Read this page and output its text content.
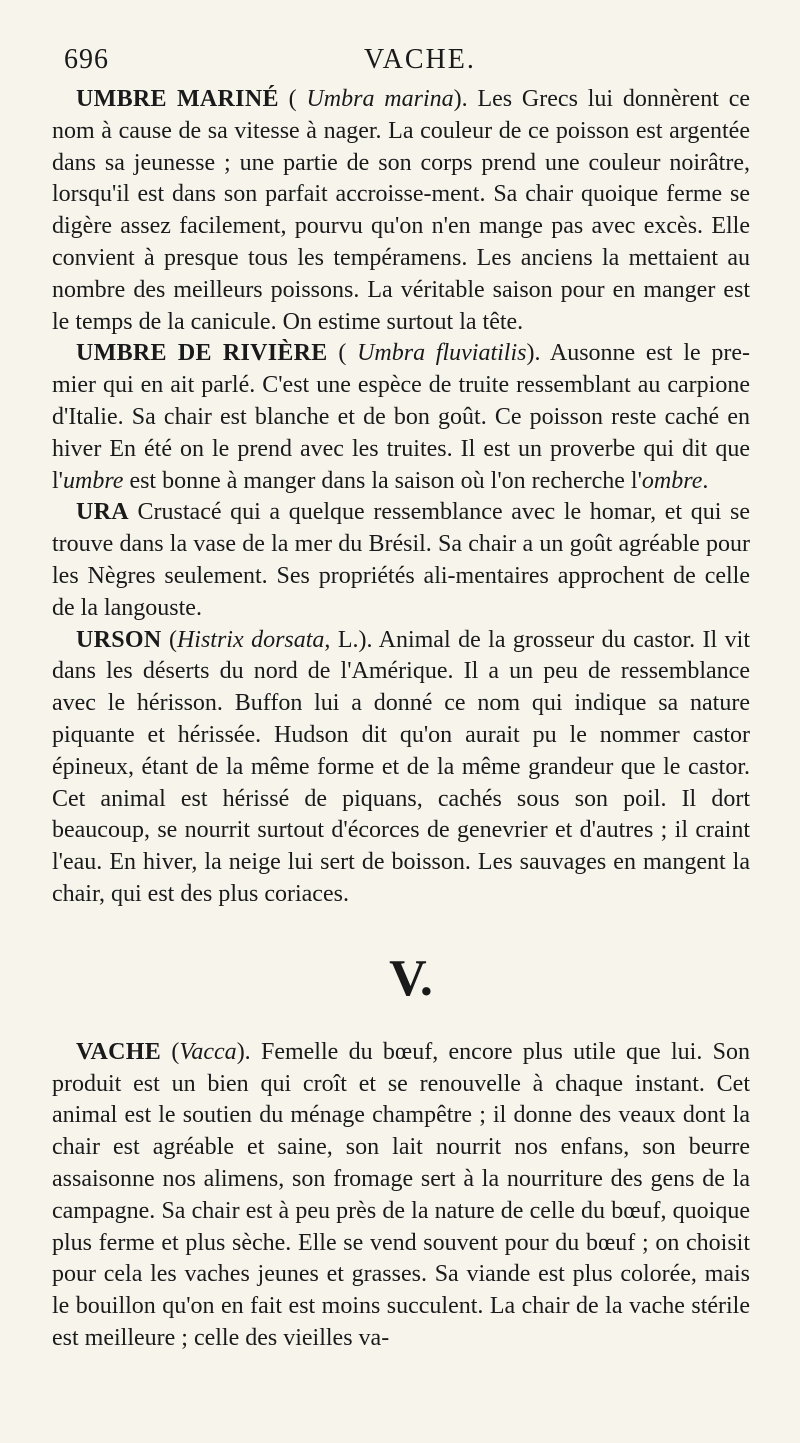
696	VACHE.

UMBRE MARINÉ ( Umbra marina). Les Grecs lui donnèrent ce nom à cause de sa vitesse à nager. La couleur de ce poisson est argentée dans sa jeunesse ; une partie de son corps prend une couleur noirâtre, lorsqu'il est dans son parfait accroisse-ment. Sa chair quoique ferme se digère assez facilement, pourvu qu'on n'en mange pas avec excès. Elle convient à presque tous les tempéramens. Les anciens la mettaient au nombre des meilleurs poissons. La véritable saison pour en manger est le temps de la canicule. On estime surtout la tête.

UMBRE DE RIVIÈRE ( Umbra fluviatilis). Ausonne est le pre-mier qui en ait parlé. C'est une espèce de truite ressemblant au carpione d'Italie. Sa chair est blanche et de bon goût. Ce poisson reste caché en hiver En été on le prend avec les truites. Il est un proverbe qui dit que l'umbre est bonne à manger dans la saison où l'on recherche l'ombre.

URA Crustacé qui a quelque ressemblance avec le homar, et qui se trouve dans la vase de la mer du Brésil. Sa chair a un goût agréable pour les Nègres seulement. Ses propriétés ali-mentaires approchent de celle de la langouste.

URSON (Histrix dorsata, L.). Animal de la grosseur du castor. Il vit dans les déserts du nord de l'Amérique. Il a un peu de ressemblance avec le hérisson. Buffon lui a donné ce nom qui indique sa nature piquante et hérissée. Hudson dit qu'on aurait pu le nommer castor épineux, étant de la même forme et de la même grandeur que le castor. Cet animal est hérissé de piquans, cachés sous son poil. Il dort beaucoup, se nourrit surtout d'écorces de genevrier et d'autres ; il craint l'eau. En hiver, la neige lui sert de boisson. Les sauvages en mangent la chair, qui est des plus coriaces.

V.

VACHE (Vacca). Femelle du bœuf, encore plus utile que lui. Son produit est un bien qui croît et se renouvelle à chaque instant. Cet animal est le soutien du ménage champêtre ; il donne des veaux dont la chair est agréable et saine, son lait nourrit nos enfans, son beurre assaisonne nos alimens, son fromage sert à la nourriture des gens de la campagne. Sa chair est à peu près de la nature de celle du bœuf, quoique plus ferme et plus sèche. Elle se vend souvent pour du bœuf ; on choisit pour cela les vaches jeunes et grasses. Sa viande est plus colorée, mais le bouillon qu'on en fait est moins succulent. La chair de la vache stérile est meilleure ; celle des vieilles va-
